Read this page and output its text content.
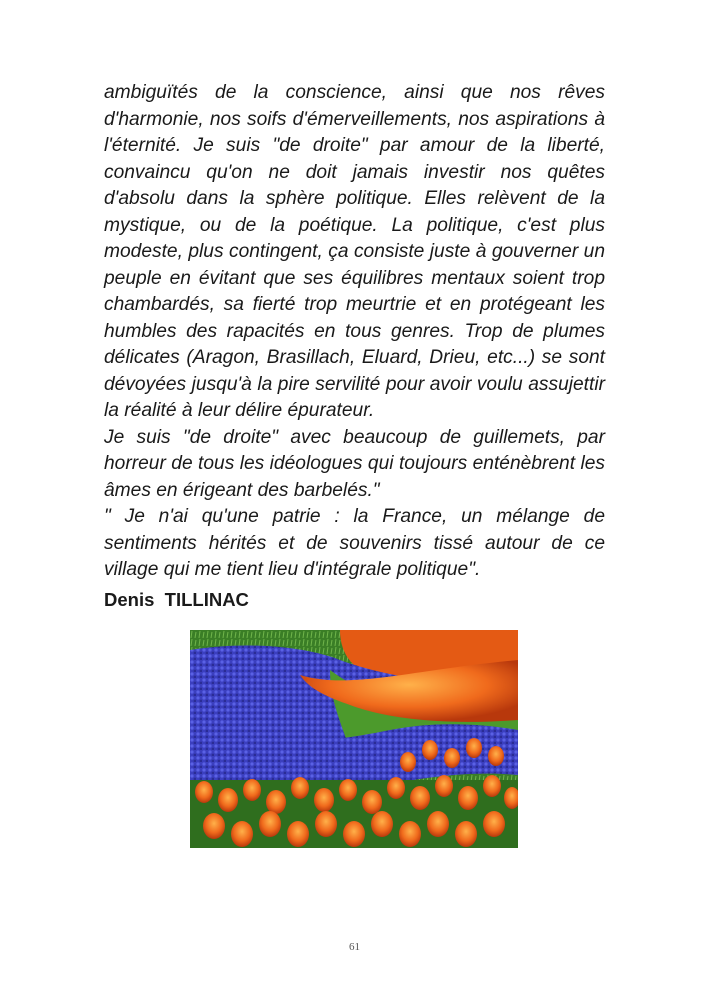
ambiguïtés de la conscience, ainsi que nos rêves d'harmonie, nos soifs d'émerveillements, nos aspirations à l'éternité. Je suis "de droite" par amour de la liberté, convaincu qu'on ne doit jamais investir nos quêtes d'absolu dans la sphère politique. Elles relèvent de la mystique, ou de la poétique. La politique, c'est plus modeste, plus contingent, ça consiste juste à gouverner un peuple en évitant que ses équilibres mentaux soient trop chambardés, sa fierté trop meurtrie et en protégeant les humbles des rapacités en tous genres. Trop de plumes délicates (Aragon, Brasillach, Eluard, Drieu, etc...) se sont dévoyées jusqu'à la pire servilité pour avoir voulu assujettir la réalité à leur délire épurateur.

Je suis "de droite" avec beaucoup de guillemets, par horreur de tous les idéologues qui toujours enténèbrent les âmes en érigeant des barbelés."

" Je n'ai qu'une patrie : la France, un mélange de sentiments hérités et de souvenirs tissé autour de ce village qui me tient lieu d'intégrale politique".

Denis  TILLINAC
61
